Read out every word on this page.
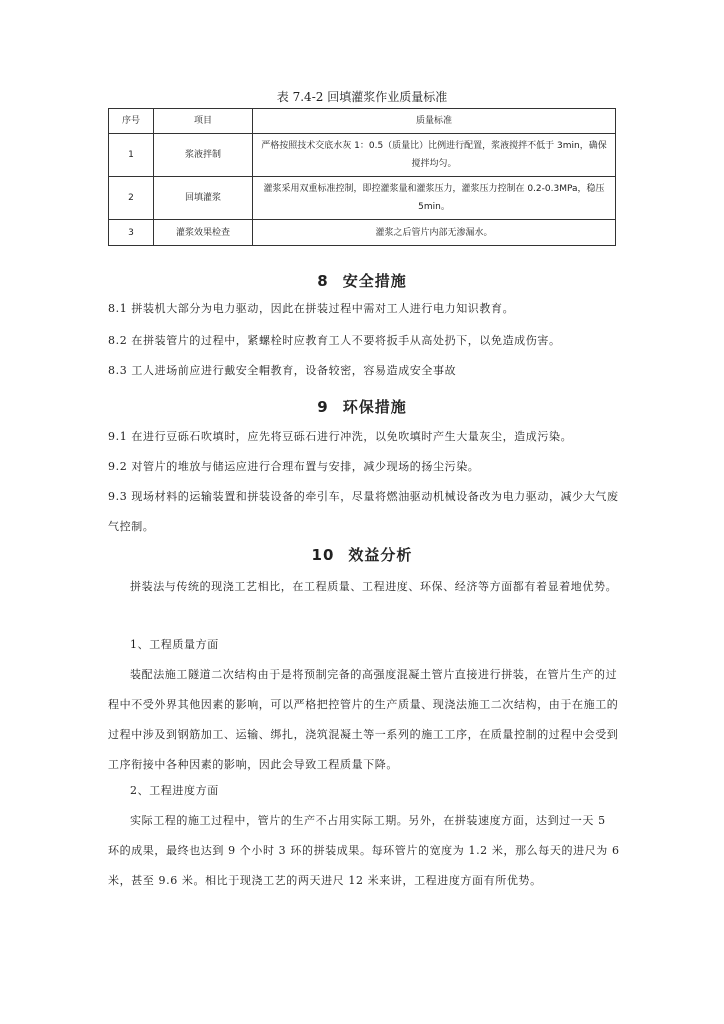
表 7.4-2 回填灌浆作业质量标准
序号	项目	质量标准
1	浆液拌制	严格按照技术交底水灰 1：0.5（质量比）比例进行配置，浆液搅拌不低于 3min，确保搅拌均匀。
2	回填灌浆	灌浆采用双重标准控制，即控灌浆量和灌浆压力，灌浆压力控制在 0.2-0.3MPa，稳压 5min。
3	灌浆效果检查	灌浆之后管片内部无渗漏水。
8 安全措施

8.1 拼装机大部分为电力驱动，因此在拼装过程中需对工人进行电力知识教育。

8.2 在拼装管片的过程中，紧螺栓时应教育工人不要将扳手从高处扔下，以免造成伤害。

8.3 工人进场前应进行戴安全帽教育，设备较密，容易造成安全事故

9 环保措施

9.1 在进行豆砾石吹填时，应先将豆砾石进行冲洗，以免吹填时产生大量灰尘，造成污染。

9.2 对管片的堆放与储运应进行合理布置与安排，减少现场的扬尘污染。

9.3 现场材料的运输装置和拼装设备的牵引车，尽量将燃油驱动机械设备改为电力驱动，减少大气废气控制。

10 效益分析

拼装法与传统的现浇工艺相比，在工程质量、工程进度、环保、经济等方面都有着显着地优势。

1、工程质量方面

装配法施工隧道二次结构由于是将预制完备的高强度混凝土管片直接进行拼装，在管片生产的过程中不受外界其他因素的影响，可以严格把控管片的生产质量、现浇法施工二次结构，由于在施工的过程中涉及到钢筋加工、运输、绑扎，浇筑混凝土等一系列的施工工序，在质量控制的过程中会受到工序衔接中各种因素的影响，因此会导致工程质量下降。

2、工程进度方面

实际工程的施工过程中，管片的生产不占用实际工期。另外，在拼装速度方面，达到过一天 5 环的成果，最终也达到 9 个小时 3 环的拼装成果。每环管片的宽度为 1.2 米，那么每天的进尺为 6 米，甚至 9.6 米。相比于现浇工艺的两天进尺 12 米来讲，工程进度方面有所优势。
